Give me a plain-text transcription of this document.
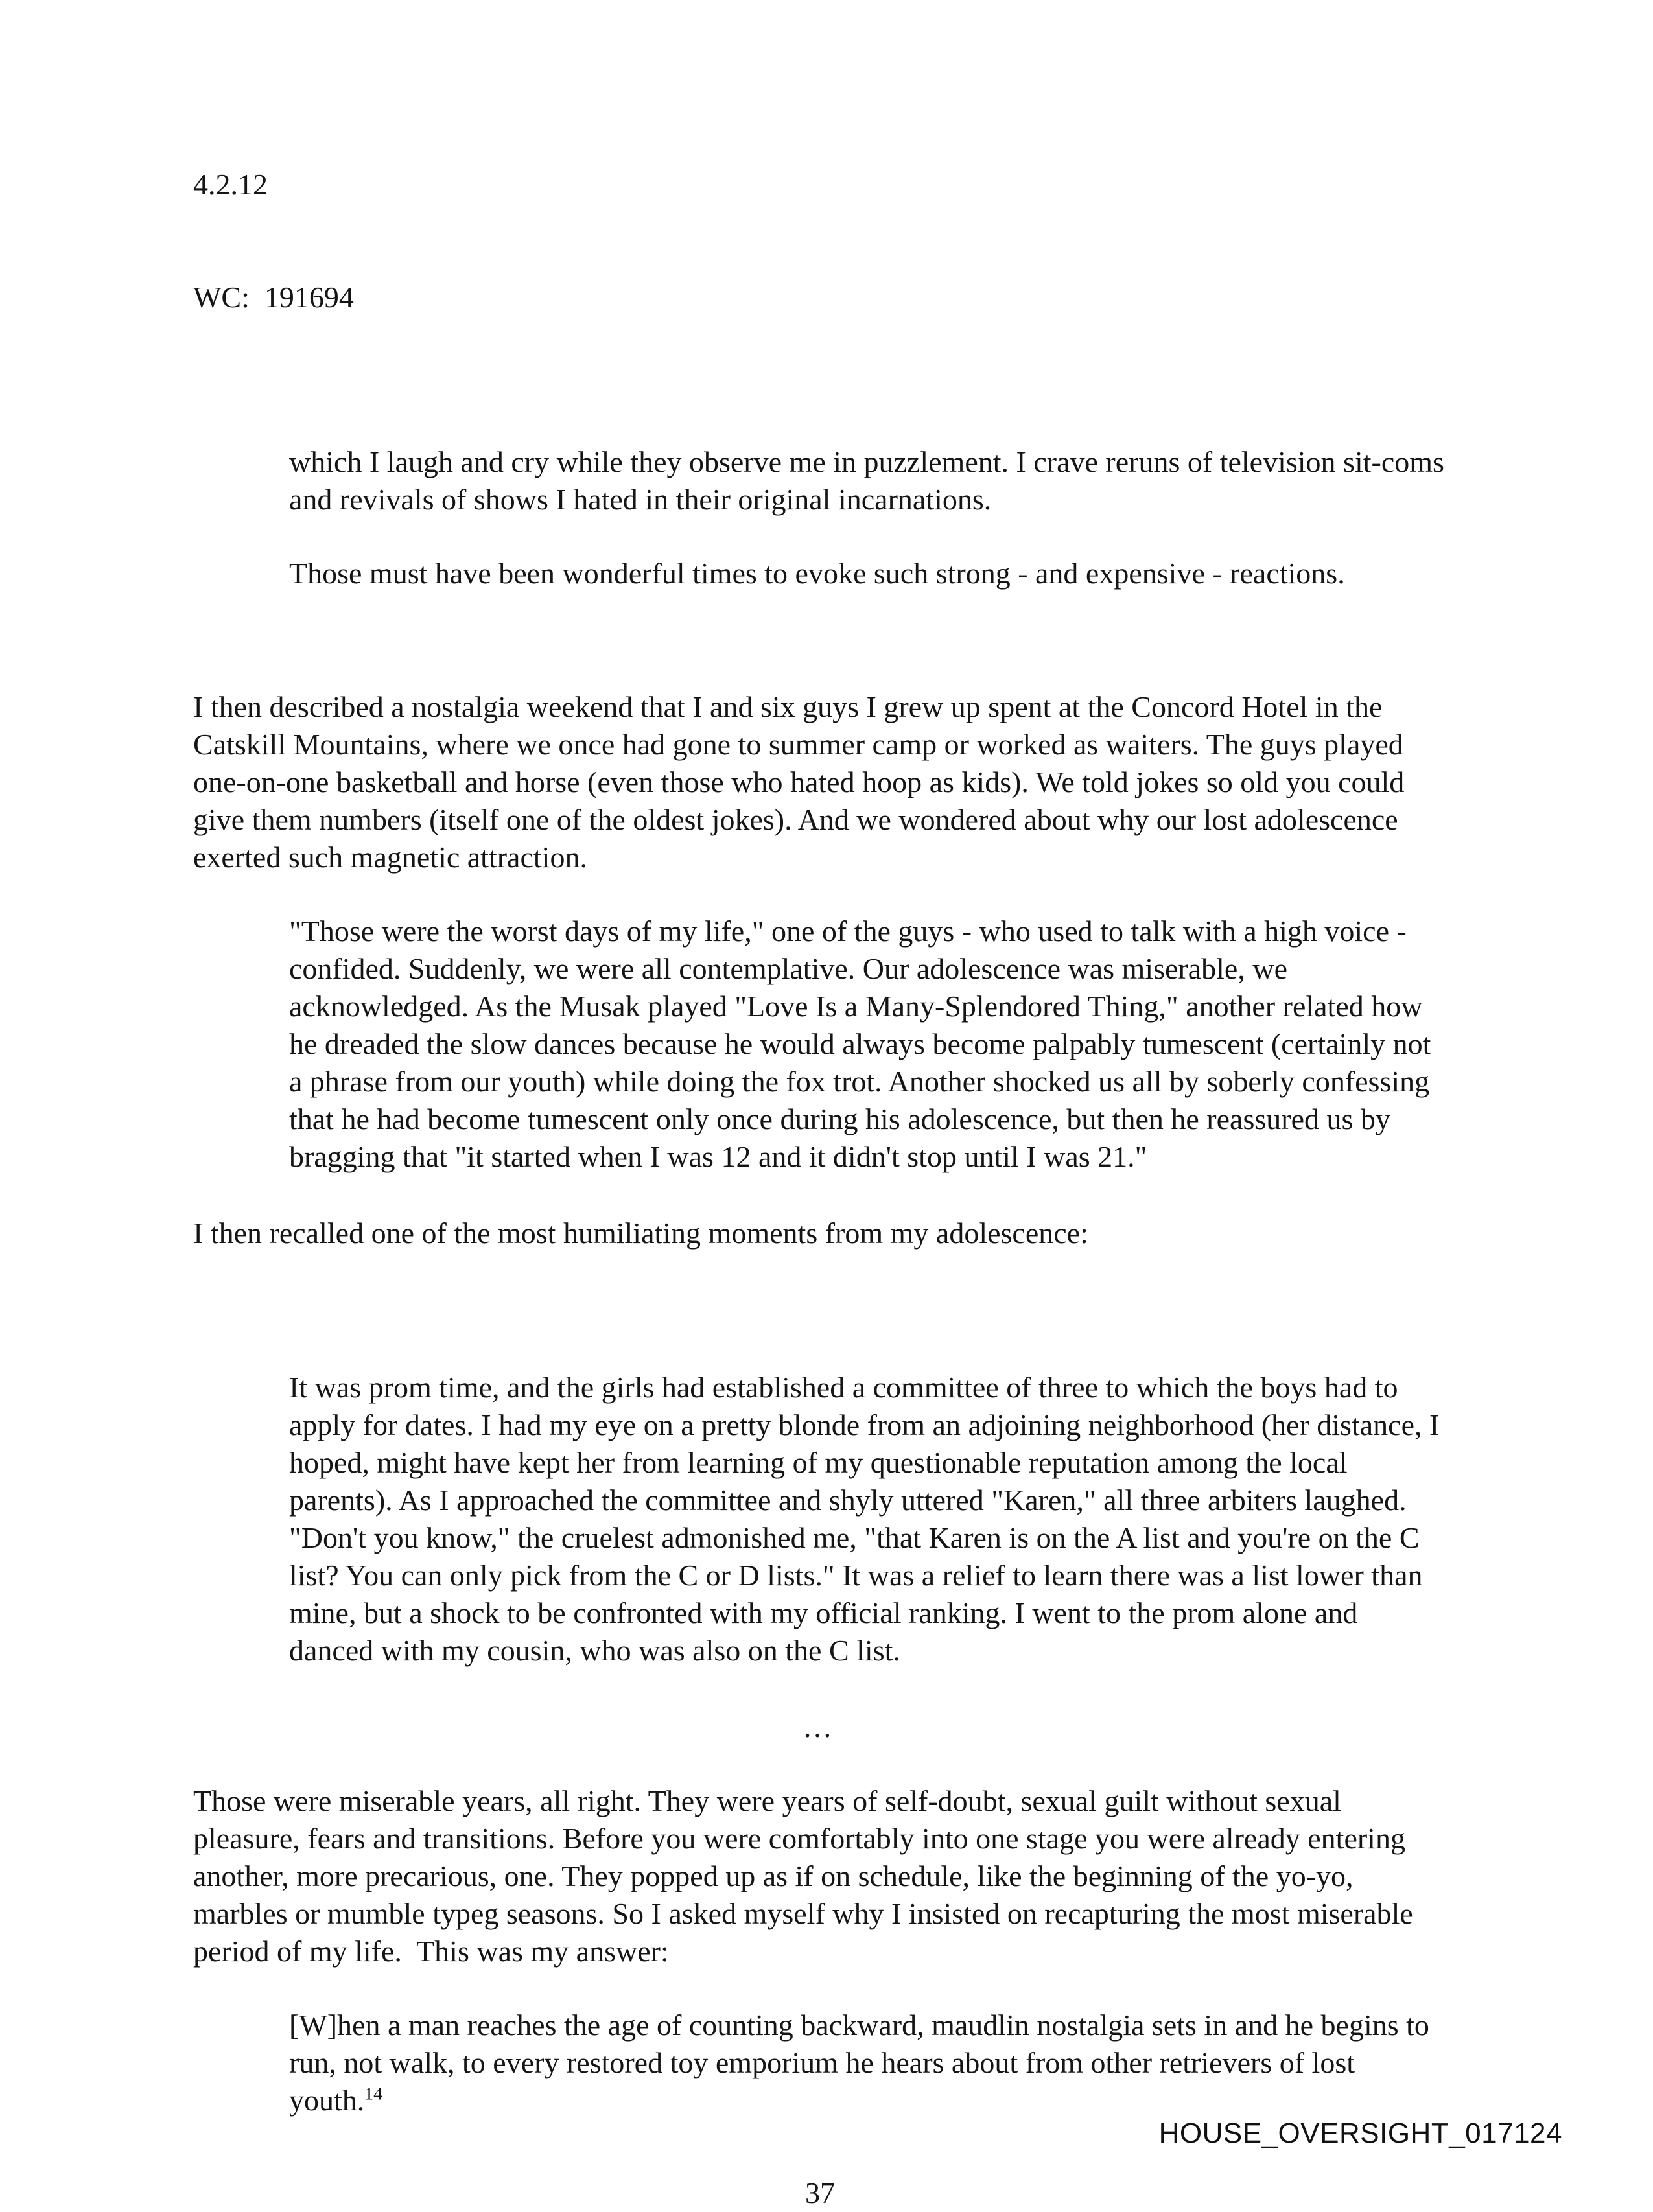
4.2.12

WC:  191694

which I laugh and cry while they observe me in puzzlement. I crave reruns of television sit-coms and revivals of shows I hated in their original incarnations.
Those must have been wonderful times to evoke such strong - and expensive - reactions.

I then described a nostalgia weekend that I and six guys I grew up spent at the Concord Hotel in the Catskill Mountains, where we once had gone to summer camp or worked as waiters. The guys played one-on-one basketball and horse (even those who hated hoop as kids). We told jokes so old you could give them numbers (itself one of the oldest jokes). And we wondered about why our lost adolescence exerted such magnetic attraction.

"Those were the worst days of my life," one of the guys - who used to talk with a high voice - confided. Suddenly, we were all contemplative. Our adolescence was miserable, we acknowledged. As the Musak played "Love Is a Many-Splendored Thing," another related how he dreaded the slow dances because he would always become palpably tumescent (certainly not a phrase from our youth) while doing the fox trot. Another shocked us all by soberly confessing that he had become tumescent only once during his adolescence, but then he reassured us by bragging that "it started when I was 12 and it didn't stop until I was 21."

I then recalled one of the most humiliating moments from my adolescence:

It was prom time, and the girls had established a committee of three to which the boys had to apply for dates. I had my eye on a pretty blonde from an adjoining neighborhood (her distance, I hoped, might have kept her from learning of my questionable reputation among the local parents). As I approached the committee and shyly uttered "Karen," all three arbiters laughed. "Don't you know," the cruelest admonished me, "that Karen is on the A list and you're on the C list? You can only pick from the C or D lists." It was a relief to learn there was a list lower than mine, but a shock to be confronted with my official ranking. I went to the prom alone and danced with my cousin, who was also on the C list.
…

Those were miserable years, all right. They were years of self-doubt, sexual guilt without sexual pleasure, fears and transitions. Before you were comfortably into one stage you were already entering another, more precarious, one. They popped up as if on schedule, like the beginning of the yo-yo, marbles or mumble typeg seasons. So I asked myself why I insisted on recapturing the most miserable period of my life.  This was my answer:

[W]hen a man reaches the age of counting backward, maudlin nostalgia sets in and he begins to run, not walk, to every restored toy emporium he hears about from other retrievers of lost youth.$^{14}$
37
HOUSE_OVERSIGHT_017124
